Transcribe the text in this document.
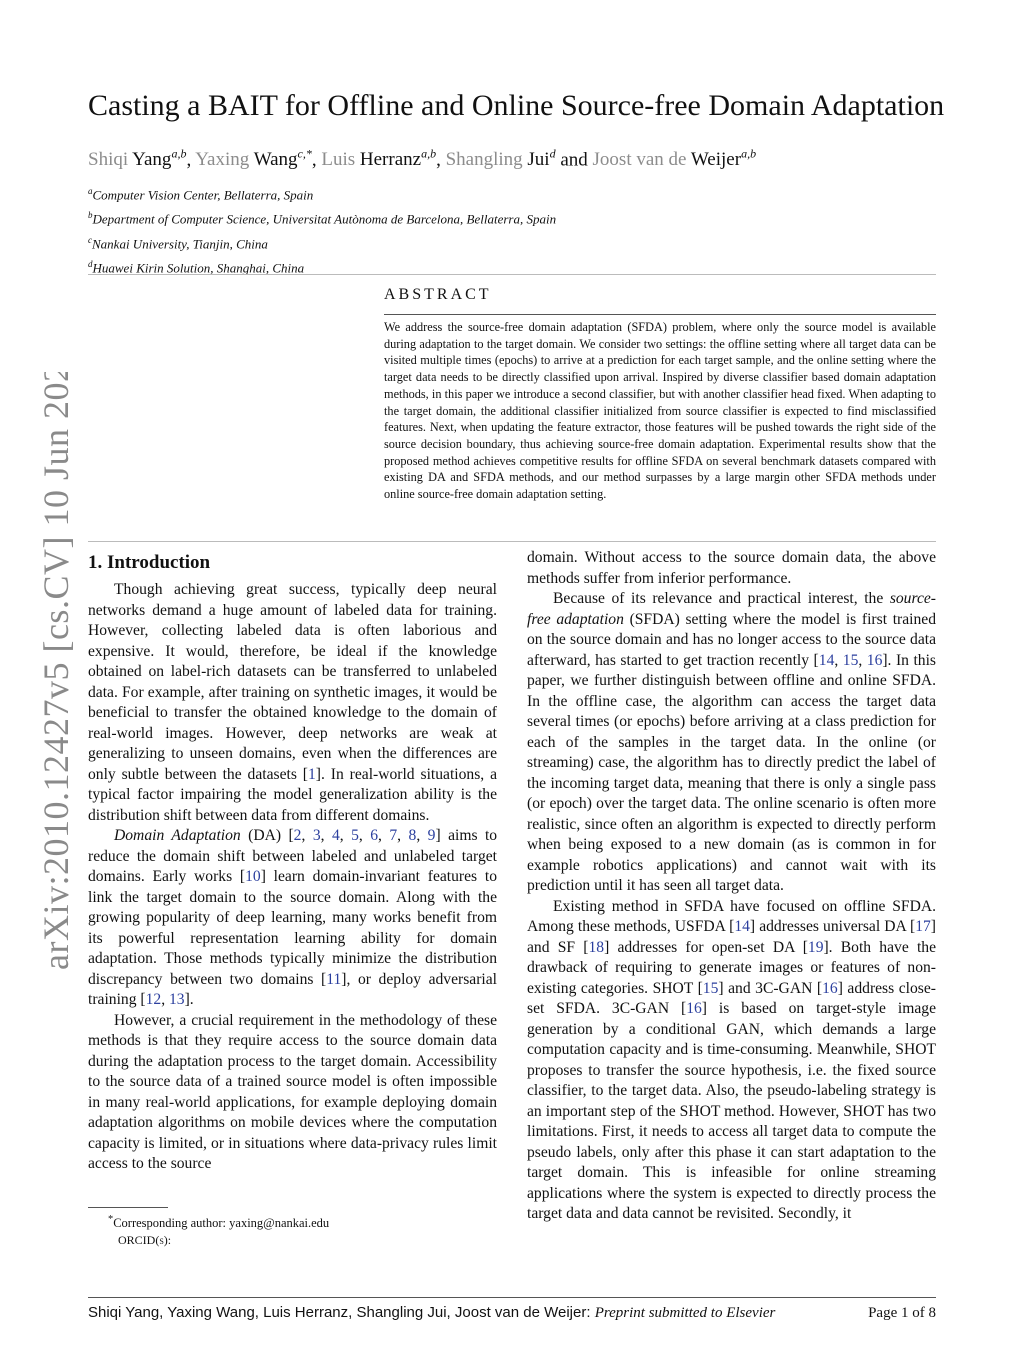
arXiv:2010.12427v5 [cs.CV] 10 Jun 2023
Casting a BAIT for Offline and Online Source-free Domain Adaptation
Shiqi Yang$^{a,b}$, Yaxing Wang$^{c,*}$, Luis Herranz$^{a,b}$, Shangling Jui$^d$ and Joost van de Weijer$^{a,b}$
$^a$Computer Vision Center, Bellaterra, Spain
$^b$Department of Computer Science, Universitat Autònoma de Barcelona, Bellaterra, Spain
$^c$Nankai University, Tianjin, China
$^d$Huawei Kirin Solution, Shanghai, China
ABSTRACT
We address the source-free domain adaptation (SFDA) problem, where only the source model is available during adaptation to the target domain. We consider two settings: the offline setting where all target data can be visited multiple times (epochs) to arrive at a prediction for each target sample, and the online setting where the target data needs to be directly classified upon arrival. Inspired by diverse classifier based domain adaptation methods, in this paper we introduce a second classifier, but with another classifier head fixed. When adapting to the target domain, the additional classifier initialized from source classifier is expected to find misclassified features. Next, when updating the feature extractor, those features will be pushed towards the right side of the source decision boundary, thus achieving source-free domain adaptation. Experimental results show that the proposed method achieves competitive results for offline SFDA on several benchmark datasets compared with existing DA and SFDA methods, and our method surpasses by a large margin other SFDA methods under online source-free domain adaptation setting.
1. Introduction

Though achieving great success, typically deep neural networks demand a huge amount of labeled data for training. However, collecting labeled data is often laborious and expensive. It would, therefore, be ideal if the knowledge obtained on label-rich datasets can be transferred to unlabeled data. For example, after training on synthetic images, it would be beneficial to transfer the obtained knowledge to the domain of real-world images. However, deep networks are weak at generalizing to unseen domains, even when the differences are only subtle between the datasets [1]. In real-world situations, a typical factor impairing the model generalization ability is the distribution shift between data from different domains.

Domain Adaptation (DA) [2, 3, 4, 5, 6, 7, 8, 9] aims to reduce the domain shift between labeled and unlabeled target domains. Early works [10] learn domain-invariant features to link the target domain to the source domain. Along with the growing popularity of deep learning, many works benefit from its powerful representation learning ability for domain adaptation. Those methods typically minimize the distribution discrepancy between two domains [11], or deploy adversarial training [12, 13].

However, a crucial requirement in the methodology of these methods is that they require access to the source domain data during the adaptation process to the target domain. Accessibility to the source data of a trained source model is often impossible in many real-world applications, for example deploying domain adaptation algorithms on mobile devices where the computation capacity is limited, or in situations where data-privacy rules limit access to the source

domain. Without access to the source domain data, the above methods suffer from inferior performance.

Because of its relevance and practical interest, the source-free adaptation (SFDA) setting where the model is first trained on the source domain and has no longer access to the source data afterward, has started to get traction recently [14, 15, 16]. In this paper, we further distinguish between offline and online SFDA. In the offline case, the algorithm can access the target data several times (or epochs) before arriving at a class prediction for each of the samples in the target data. In the online (or streaming) case, the algorithm has to directly predict the label of the incoming target data, meaning that there is only a single pass (or epoch) over the target data. The online scenario is often more realistic, since often an algorithm is expected to directly perform when being exposed to a new domain (as is common in for example robotics applications) and cannot wait with its prediction until it has seen all target data.

Existing method in SFDA have focused on offline SFDA. Among these methods, USFDA [14] addresses universal DA [17] and SF [18] addresses for open-set DA [19]. Both have the drawback of requiring to generate images or features of non-existing categories. SHOT [15] and 3C-GAN [16] address close-set SFDA. 3C-GAN [16] is based on target-style image generation by a conditional GAN, which demands a large computation capacity and is time-consuming. Meanwhile, SHOT proposes to transfer the source hypothesis, i.e. the fixed source classifier, to the target data. Also, the pseudo-labeling strategy is an important step of the SHOT method. However, SHOT has two limitations. First, it needs to access all target data to compute the pseudo labels, only after this phase it can start adaptation to the target domain. This is infeasible for online streaming applications where the system is expected to directly process the target data and data cannot be revisited. Secondly, it

*Corresponding author: yaxing@nankai.edu
ORCID(s):
Shiqi Yang, Yaxing Wang, Luis Herranz, Shangling Jui, Joost van de Weijer: Preprint submitted to Elsevier	Page 1 of 8
